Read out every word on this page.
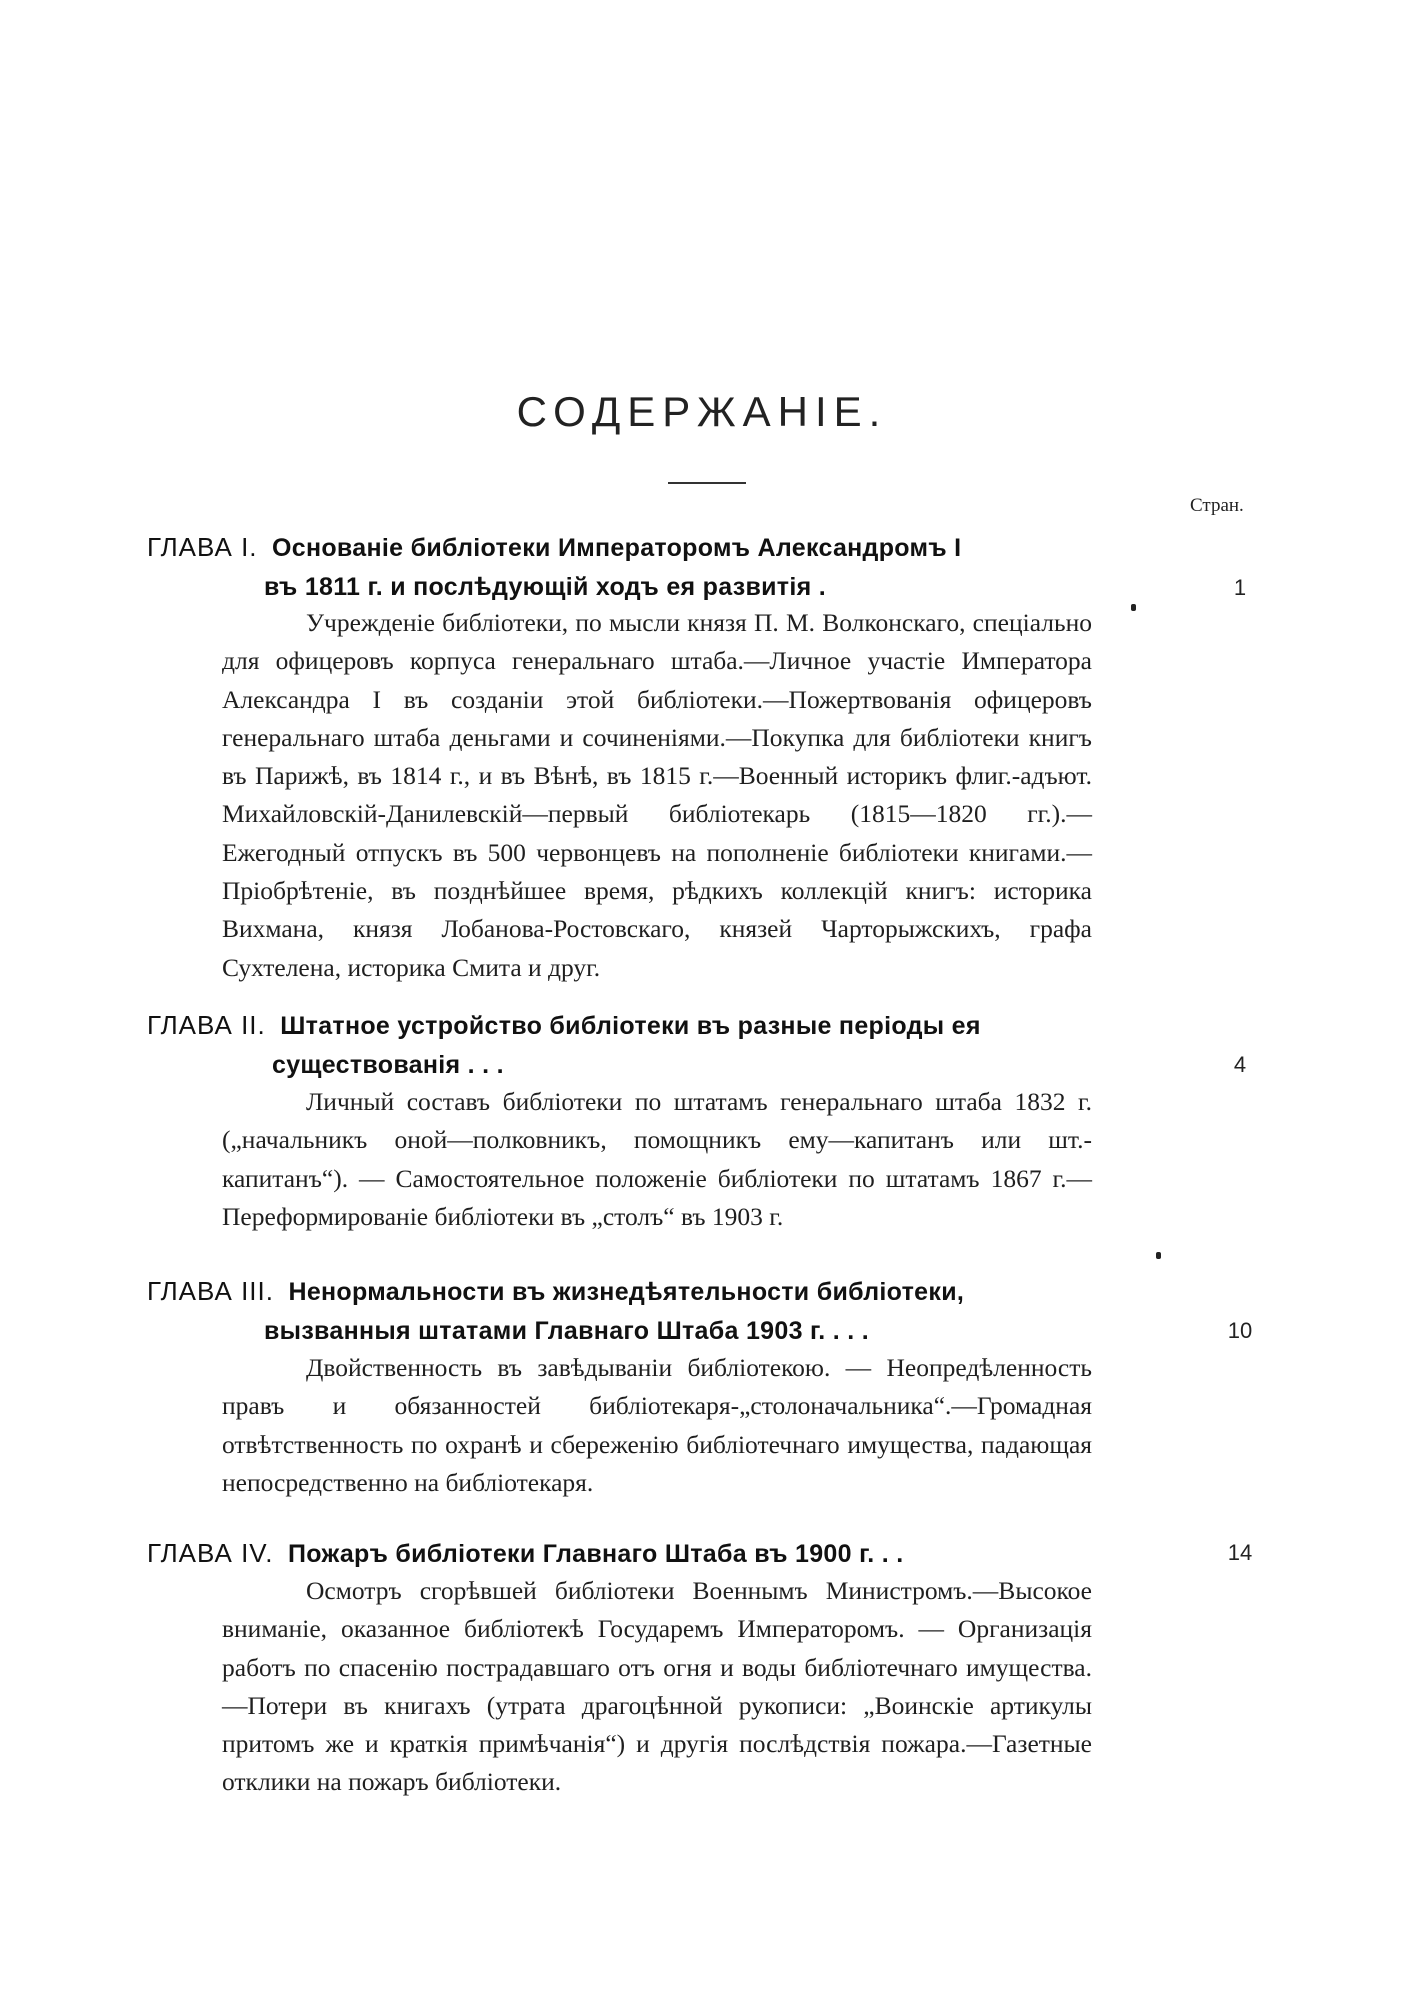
СОДЕРЖАНІЕ.
Стран.
ГЛАВА I. Основаніе библіотеки Императоромъ Александромъ I
въ 1811 г. и послѣдующій ходъ ея развитія .	1
Учрежденіе библіотеки, по мысли князя П. М. Волконскаго, спеціально для офицеровъ корпуса генеральнаго штаба.—Личное участіе Императора Александра I въ созданіи этой библіотеки.—Пожертвованія офицеровъ генеральнаго штаба деньгами и сочиненіями.—Покупка для библіотеки книгъ въ Парижѣ, въ 1814 г., и въ Вѣнѣ, въ 1815 г.—Военный историкъ флиг.-адъют. Михайловскій-Данилевскій—первый библіотекарь (1815—1820 гг.).—Ежегодный отпускъ въ 500 червонцевъ на пополненіе библіотеки книгами.—Пріобрѣтеніе, въ позднѣйшее время, рѣдкихъ коллекцій книгъ: историка Вихмана, князя Лобанова-Ростовскаго, князей Чарторыжскихъ, графа Сухтелена, историка Смита и друг.
ГЛАВА II. Штатное устройство библіотеки въ разные періоды ея
существованія . . .	4
Личный составъ библіотеки по штатамъ генеральнаго штаба 1832 г. („начальникъ оной—полковникъ, помощникъ ему—капитанъ или шт.-капитанъ“). — Самостоятельное положеніе библіотеки по штатамъ 1867 г.—Переформированіе библіотеки въ „столъ“ въ 1903 г.
ГЛАВА III. Ненормальности въ жизнедѣятельности библіотеки,
вызванныя штатами Главнаго Штаба 1903 г. . . .	10
Двойственность въ завѣдываніи библіотекою. — Неопредѣленность правъ и обязанностей библіотекаря-„столоначальника“.—Громадная отвѣтственность по охранѣ и сбереженію библіотечнаго имущества, падающая непосредственно на библіотекаря.
ГЛАВА IV. Пожаръ библіотеки Главнаго Штаба въ 1900 г. . .	14
Осмотръ сгорѣвшей библіотеки Военнымъ Министромъ.—Высокое вниманіе, оказанное библіотекѣ Государемъ Императоромъ. — Организація работъ по спасенію пострадавшаго отъ огня и воды библіотечнаго имущества.—Потери въ книгахъ (утрата драгоцѣнной рукописи: „Воинскіе артикулы притомъ же и краткія примѣчанія“) и другія послѣдствія пожара.—Газетные отклики на пожаръ библіотеки.
